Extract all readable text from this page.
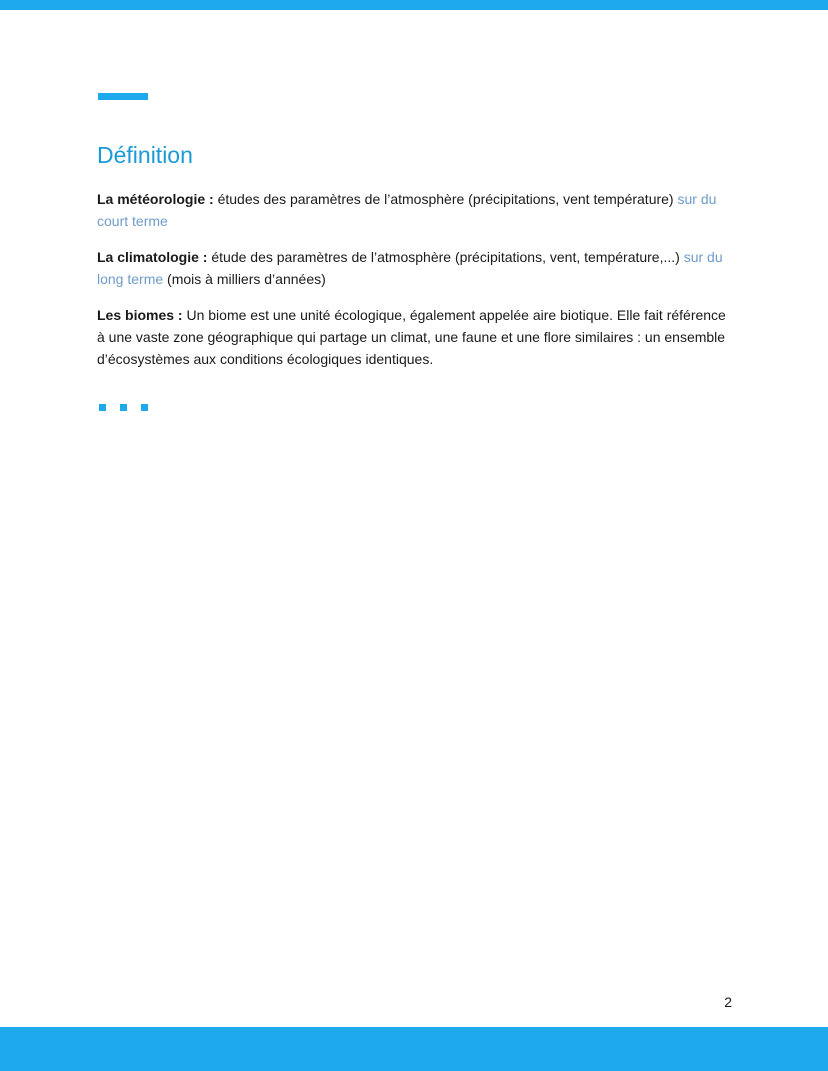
Définition

La météorologie : études des paramètres de l’atmosphère (précipitations, vent température) sur du court terme

La climatologie : étude des paramètres de l’atmosphère (précipitations, vent, température,...) sur du long terme (mois à milliers d’années)

Les biomes : Un biome est une unité écologique, également appelée aire biotique. Elle fait référence à une vaste zone géographique qui partage un climat, une faune et une flore similaires : un ensemble d’écosystèmes aux conditions écologiques identiques.

2
